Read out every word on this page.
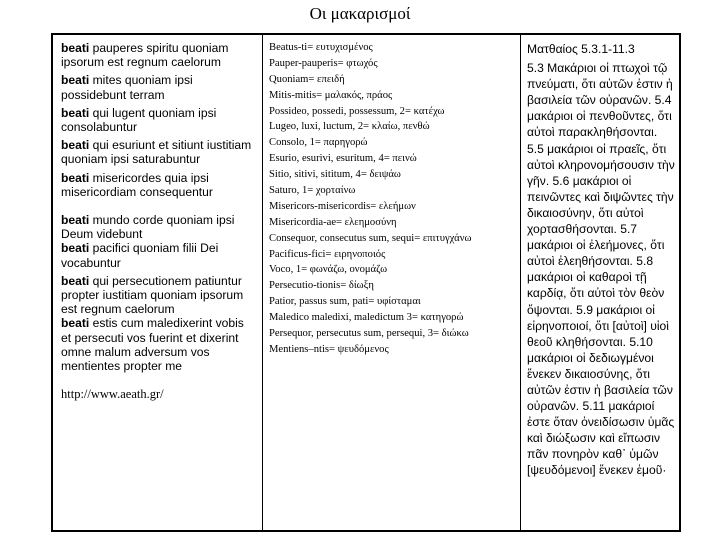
Οι μακαρισμοί

beati pauperes spiritu quoniam ipsorum est regnum caelorum

beati mites quoniam ipsi possidebunt terram

beati qui lugent quoniam ipsi consolabuntur

beati qui esuriunt et sitiunt iustitiam quoniam ipsi saturabuntur

beati misericordes quia ipsi misericordiam consequentur

beati mundo corde quoniam ipsi Deum videbunt

beati pacifici quoniam filii Dei vocabuntur

beati qui persecutionem patiuntur propter iustitiam quoniam ipsorum est regnum caelorum

beati estis cum maledixerint vobis et persecuti vos fuerint et dixerint omne malum adversum vos mentientes propter me

http://www.aeath.gr/

Beatus-ti= ευτυχισμένος
Pauper-pauperis= φτωχός
Quoniam= επειδή
Mitis-mitis= μαλακός, πράος
Possideo, possedi, possessum, 2= κατέχω
Lugeo, luxi, luctum, 2= κλαίω, πενθώ
Consolo, 1= παρηγορώ
Esurio, esurivi, esuritum, 4= πεινώ
Sitio, sitivi, sititum, 4= δειψάω
Saturo, 1= χορταίνω
Misericors-misericordis= ελεήμων
Misericordia-ae= ελεημοσύνη
Consequor, consecutus sum, sequi= επιτυγχάνω
Pacificus-fici= ειρηνοποιός
Voco, 1= φωνάζω, ονομάζω
Persecutio-tionis= δίωξη
Patior, passus sum, pati= υφίσταμαι
Maledico maledixi, maledictum 3= κατηγορώ
Persequor, persecutus sum, persequi, 3= διώκω
Mentiens–ntis= ψευδόμενος

Ματθαίος 5.3.1-11.3

5.3 Μακάριοι οἱ πτωχοὶ τῷ πνεύματι, ὅτι αὐτῶν ἐστιν ἡ βασιλεία τῶν οὐρανῶν. 5.4 μακάριοι οἱ πενθοῦντες, ὅτι αὐτοὶ παρακληθήσονται. 5.5 μακάριοι οἱ πραεῖς, ὅτι αὐτοὶ κληρονομήσουσιν τὴν γῆν. 5.6 μακάριοι οἱ πεινῶντες καὶ διψῶντες τὴν δικαιοσύνην, ὅτι αὐτοὶ χορτασθήσονται. 5.7 μακάριοι οἱ ἐλεήμονες, ὅτι αὐτοὶ ἐλεηθήσονται. 5.8 μακάριοι οἱ καθαροὶ τῇ καρδίᾳ, ὅτι αὐτοὶ τὸν θεὸν ὄψονται. 5.9 μακάριοι οἱ εἰρηνοποιοί, ὅτι [αὐτοὶ] υἱοὶ θεοῦ κληθήσονται. 5.10 μακάριοι οἱ δεδιωγμένοι ἕνεκεν δικαιοσύνης, ὅτι αὐτῶν ἐστιν ἡ βασιλεία τῶν οὐρανῶν. 5.11 μακάριοί ἐστε ὅταν ὀνειδίσωσιν ὑμᾶς καὶ διώξωσιν καὶ εἴπωσιν πᾶν πονηρὸν καθ᾽ ὑμῶν [ψευδόμενοι] ἕνεκεν ἐμοῦ·
